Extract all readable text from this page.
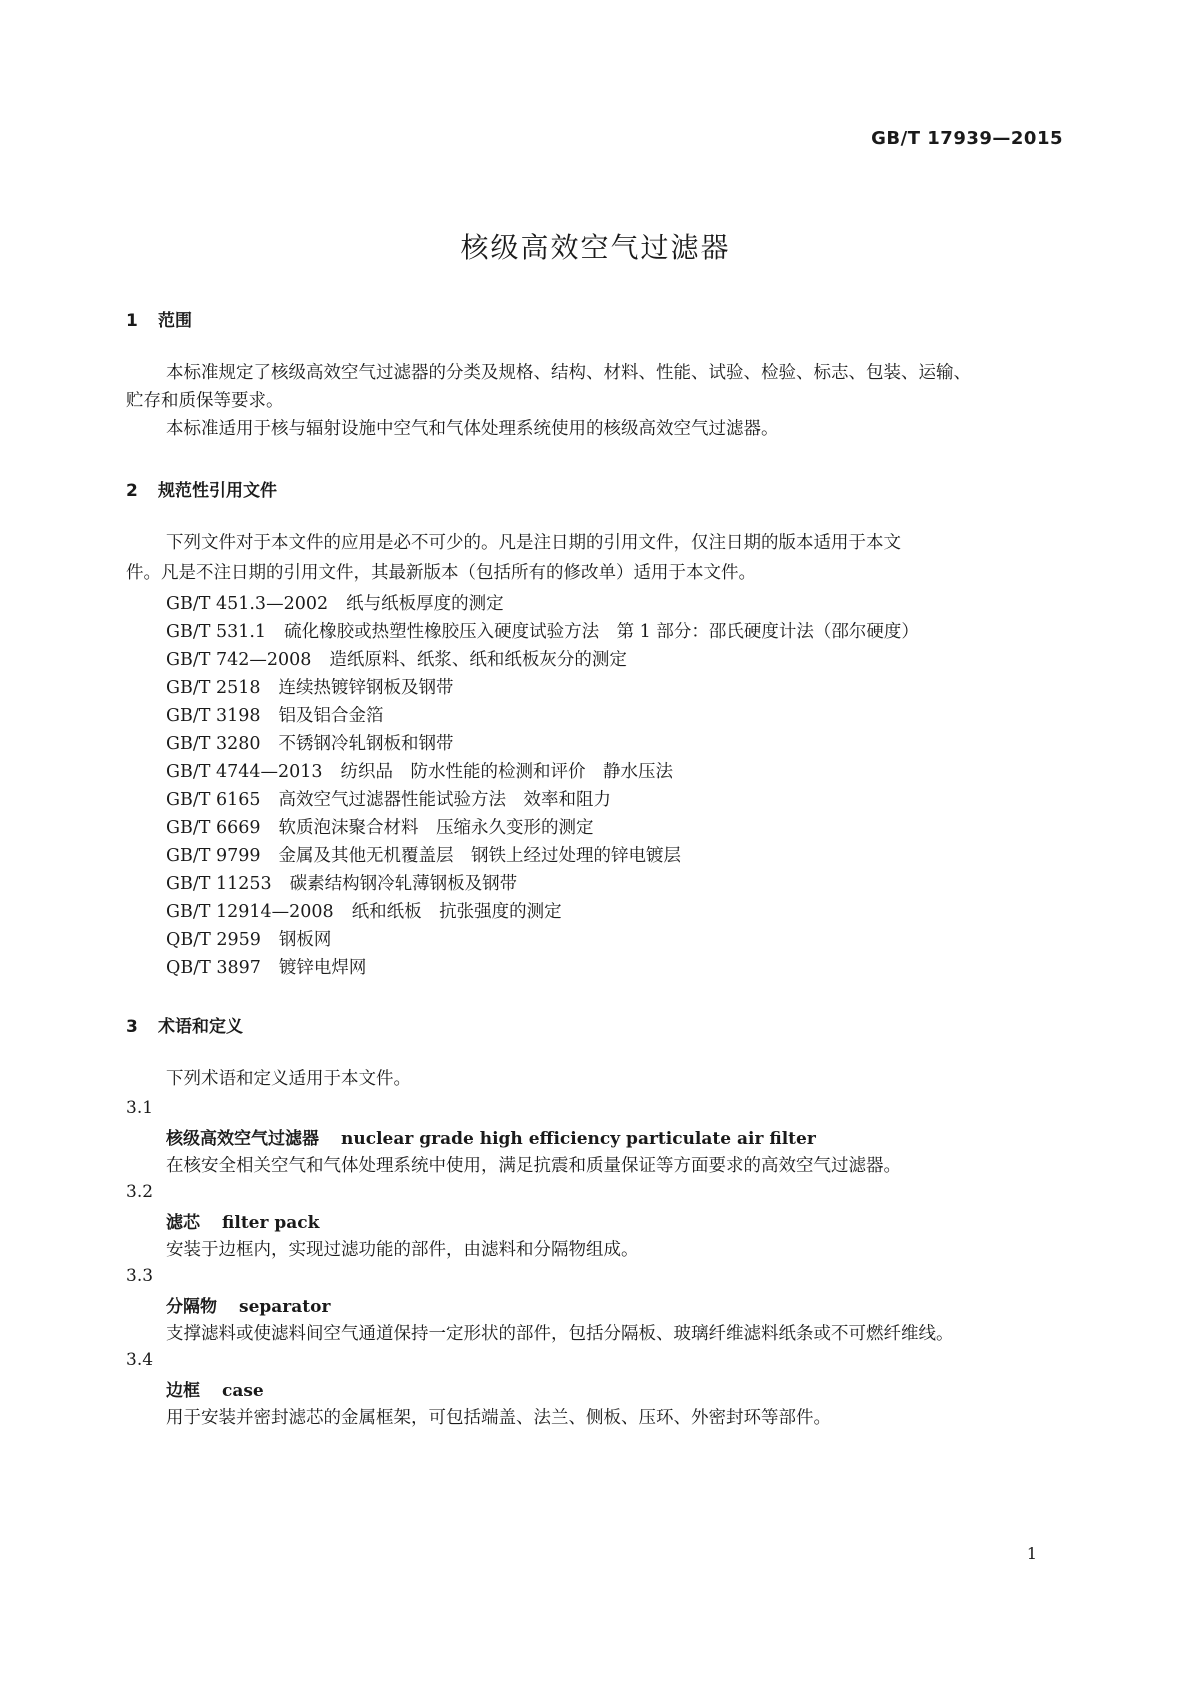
GB/T 17939—2015
核级高效空气过滤器
1 范围
本标准规定了核级高效空气过滤器的分类及规格、结构、材料、性能、试验、检验、标志、包装、运输、
贮存和质保等要求。
本标准适用于核与辐射设施中空气和气体处理系统使用的核级高效空气过滤器。
2 规范性引用文件
下列文件对于本文件的应用是必不可少的。凡是注日期的引用文件，仅注日期的版本适用于本文
件。凡是不注日期的引用文件，其最新版本（包括所有的修改单）适用于本文件。
GB/T 451.3—2002 纸与纸板厚度的测定
GB/T 531.1 硫化橡胶或热塑性橡胶压入硬度试验方法　第 1 部分：邵氏硬度计法（邵尔硬度）
GB/T 742—2008 造纸原料、纸浆、纸和纸板灰分的测定
GB/T 2518 连续热镀锌钢板及钢带
GB/T 3198 铝及铝合金箔
GB/T 3280 不锈钢冷轧钢板和钢带
GB/T 4744—2013 纺织品　防水性能的检测和评价　静水压法
GB/T 6165 高效空气过滤器性能试验方法　效率和阻力
GB/T 6669 软质泡沫聚合材料　压缩永久变形的测定
GB/T 9799 金属及其他无机覆盖层　钢铁上经过处理的锌电镀层
GB/T 11253 碳素结构钢冷轧薄钢板及钢带
GB/T 12914—2008 纸和纸板　抗张强度的测定
QB/T 2959 钢板网
QB/T 3897 镀锌电焊网
3 术语和定义
下列术语和定义适用于本文件。
3.1
核级高效空气过滤器 nuclear grade high efficiency particulate air filter
在核安全相关空气和气体处理系统中使用，满足抗震和质量保证等方面要求的高效空气过滤器。
3.2
滤芯 filter pack
安装于边框内，实现过滤功能的部件，由滤料和分隔物组成。
3.3
分隔物 separator
支撑滤料或使滤料间空气通道保持一定形状的部件，包括分隔板、玻璃纤维滤料纸条或不可燃纤维线。
3.4
边框 case
用于安装并密封滤芯的金属框架，可包括端盖、法兰、侧板、压环、外密封环等部件。
1
